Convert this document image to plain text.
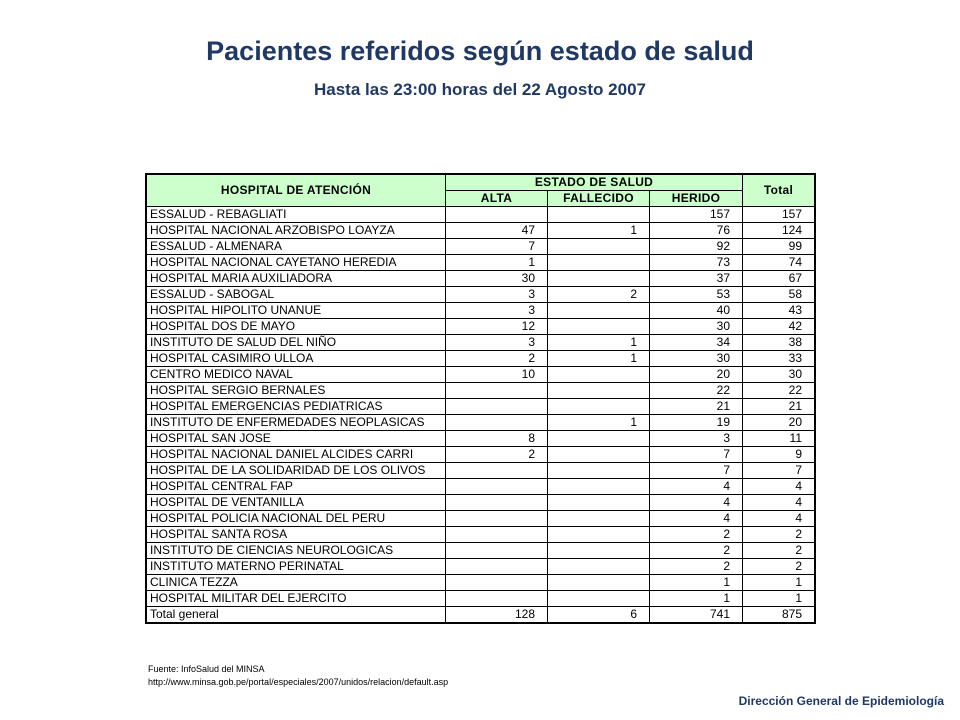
Pacientes referidos según estado de salud
Hasta las 23:00 horas del 22 Agosto 2007
HOSPITAL DE ATENCIÓN	ESTADO DE SALUD			Total
	ALTA	FALLECIDO	HERIDO	
ESSALUD - REBAGLIATI			157	157
HOSPITAL NACIONAL ARZOBISPO LOAYZA	47	1	76	124
ESSALUD - ALMENARA	7		92	99
HOSPITAL NACIONAL CAYETANO HEREDIA	1		73	74
HOSPITAL MARIA AUXILIADORA	30		37	67
ESSALUD - SABOGAL	3	2	53	58
HOSPITAL HIPOLITO UNANUE	3		40	43
HOSPITAL DOS DE MAYO	12		30	42
INSTITUTO DE SALUD DEL NIÑO	3	1	34	38
HOSPITAL CASIMIRO ULLOA	2	1	30	33
CENTRO MEDICO NAVAL	10		20	30
HOSPITAL SERGIO BERNALES			22	22
HOSPITAL EMERGENCIAS PEDIATRICAS			21	21
INSTITUTO DE ENFERMEDADES NEOPLASICAS		1	19	20
HOSPITAL SAN JOSE	8		3	11
HOSPITAL NACIONAL DANIEL ALCIDES CARRI	2		7	9
HOSPITAL DE LA SOLIDARIDAD DE LOS OLIVOS			7	7
HOSPITAL CENTRAL FAP			4	4
HOSPITAL DE VENTANILLA			4	4
HOSPITAL POLICIA NACIONAL DEL PERU			4	4
HOSPITAL SANTA ROSA			2	2
INSTITUTO DE CIENCIAS NEUROLOGICAS			2	2
INSTITUTO MATERNO PERINATAL			2	2
CLINICA TEZZA			1	1
HOSPITAL MILITAR DEL EJERCITO			1	1
Total general	128	6	741	875
Fuente: InfoSalud del MINSA
http://www.minsa.gob.pe/portal/especiales/2007/unidos/relacion/default.asp
Dirección General de Epidemiología
